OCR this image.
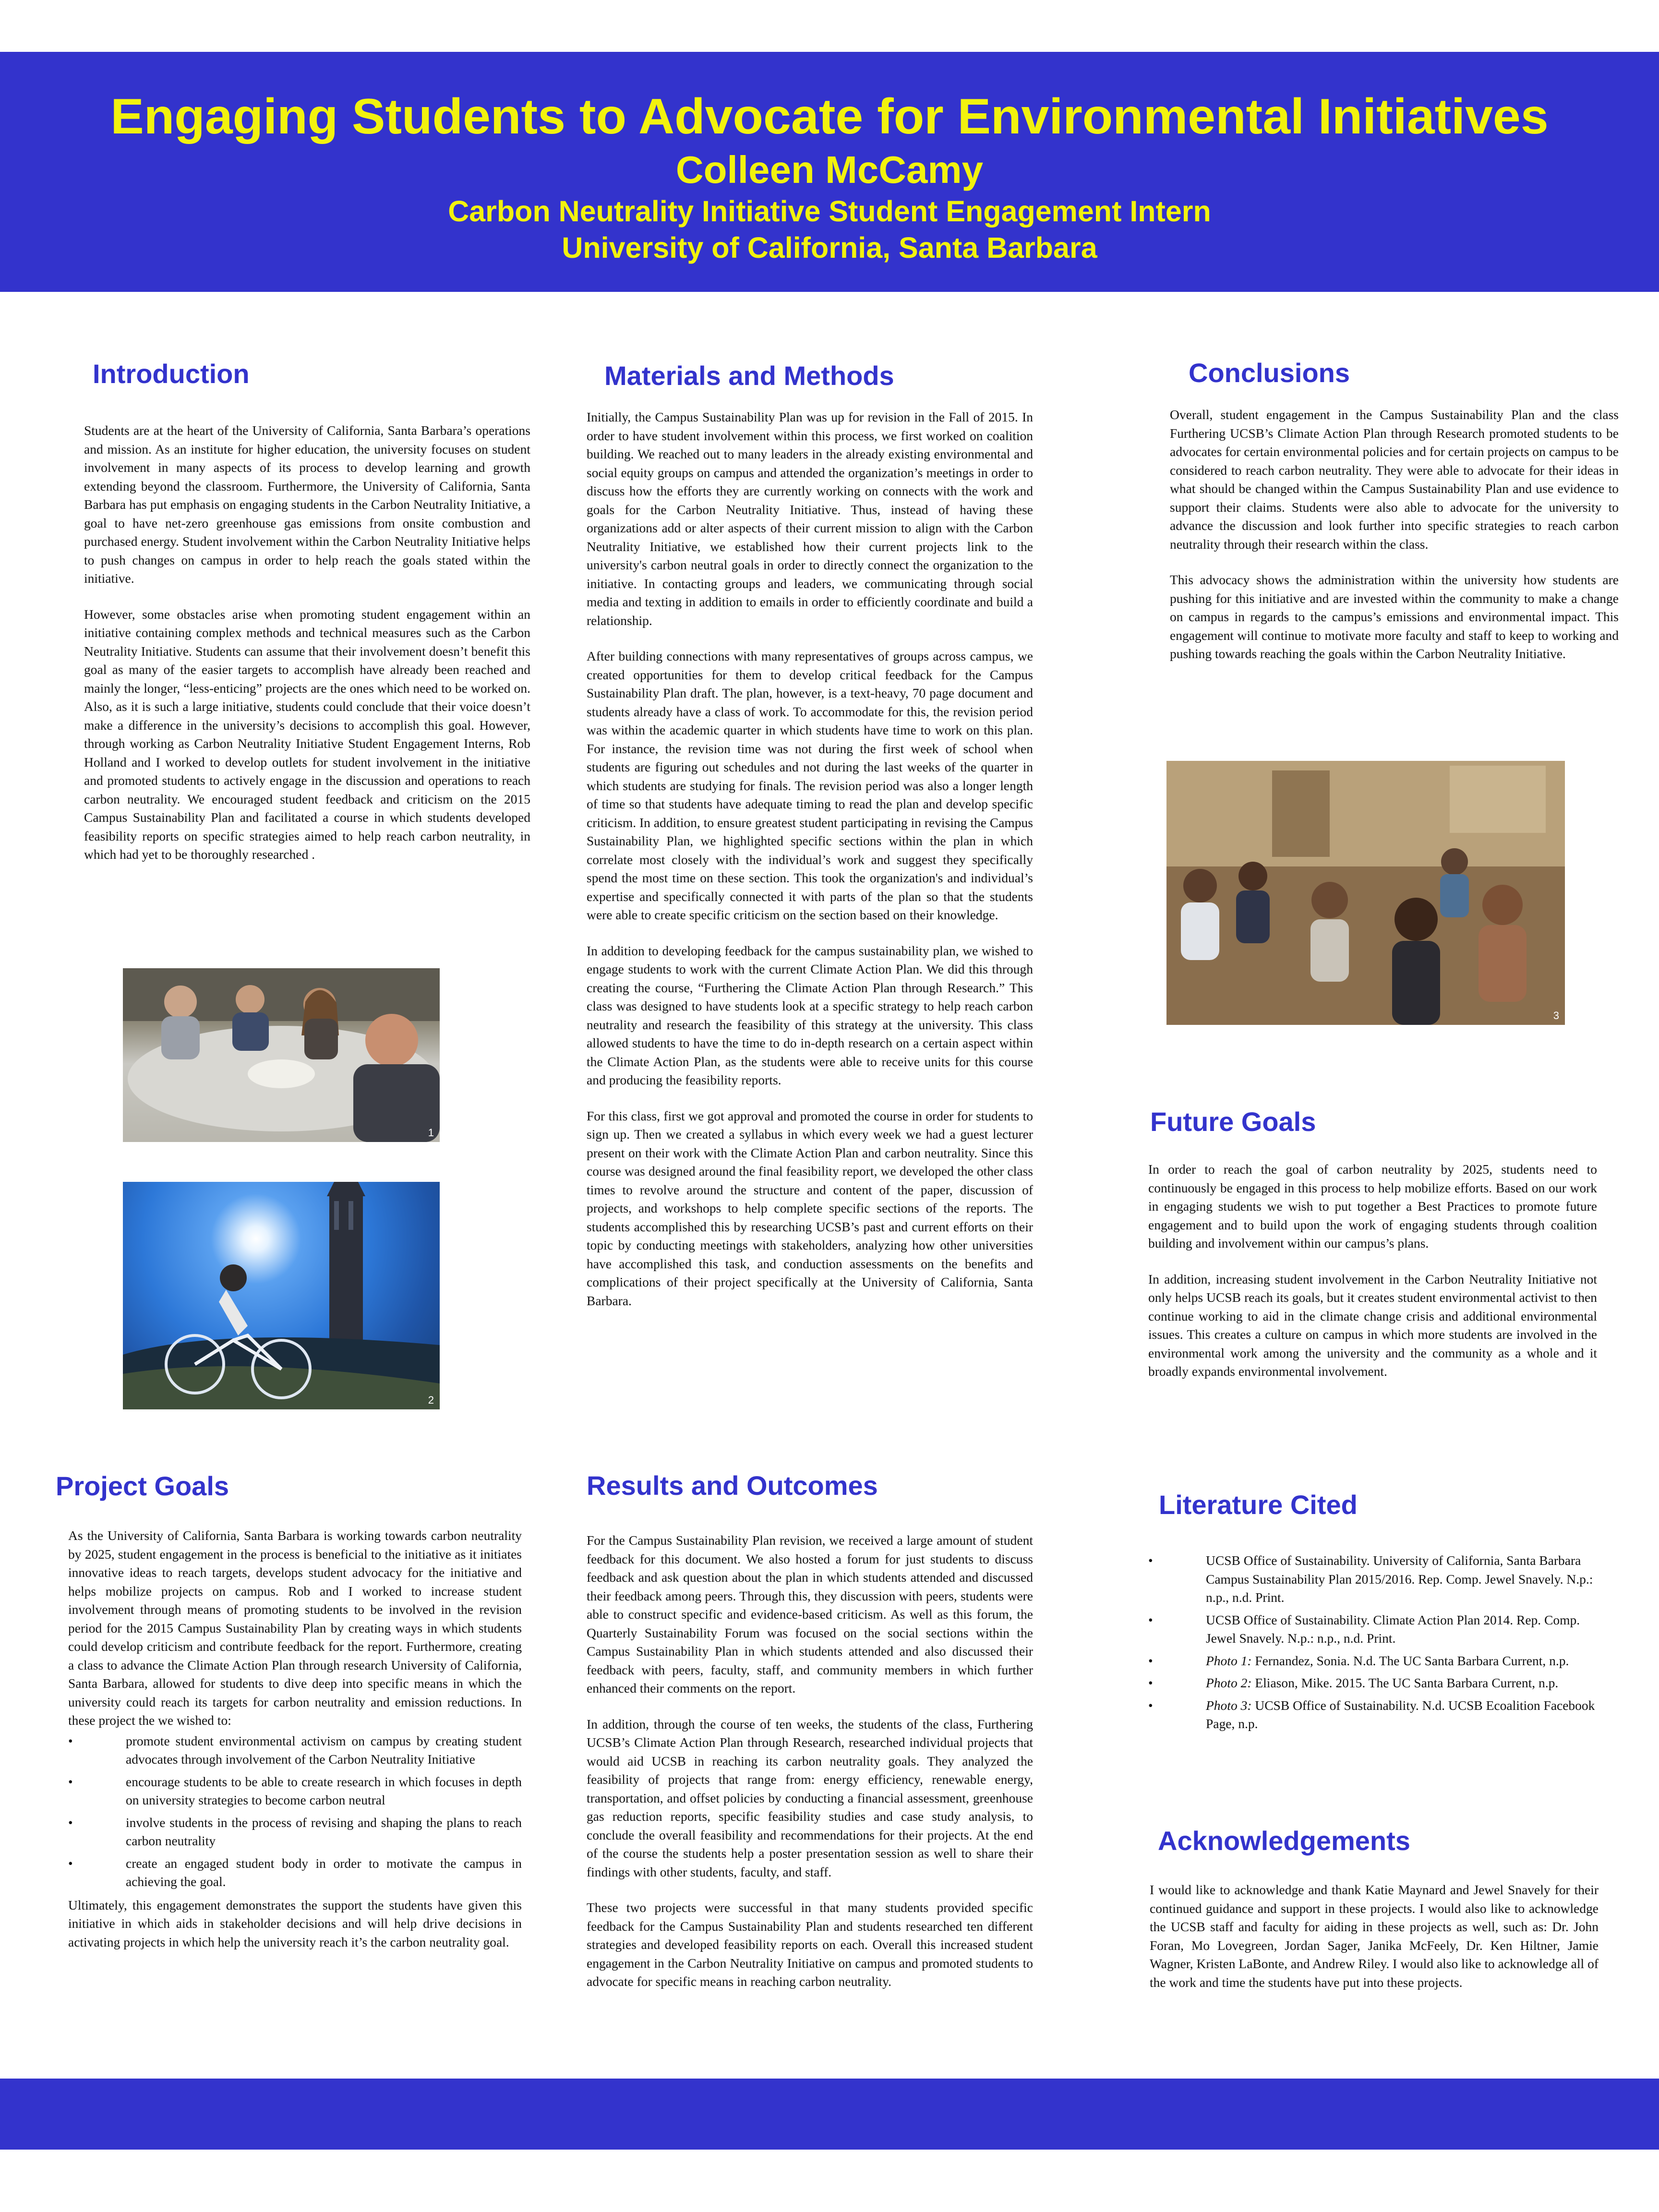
Engaging Students to Advocate for Environmental Initiatives
Colleen McCamy
Carbon Neutrality Initiative Student Engagement Intern
University of California, Santa Barbara
Introduction

Students are at the heart of the University of California, Santa Barbara’s operations and mission. As an institute for higher education, the university focuses on student involvement in many aspects of its process to develop learning and growth extending beyond the classroom. Furthermore, the University of California, Santa Barbara has put emphasis on engaging students in the Carbon Neutrality Initiative, a goal to have net-zero greenhouse gas emissions from onsite combustion and purchased energy. Student involvement within the Carbon Neutrality Initiative helps to push changes on campus in order to help reach the goals stated within the initiative.

However, some obstacles arise when promoting student engagement within an initiative containing complex methods and technical measures such as the Carbon Neutrality Initiative. Students can assume that their involvement doesn’t benefit this goal as many of the easier targets to accomplish have already been reached and mainly the longer, “less-enticing” projects are the ones which need to be worked on. Also, as it is such a large initiative, students could conclude that their voice doesn’t make a difference in the university’s decisions to accomplish this goal. However, through working as Carbon Neutrality Initiative Student Engagement Interns, Rob Holland and I worked to develop outlets for student involvement in the initiative and promoted students to actively engage in the discussion and operations to reach carbon neutrality. We encouraged student feedback and criticism on the 2015 Campus Sustainability Plan and facilitated a course in which students developed feasibility reports on specific strategies aimed to help reach carbon neutrality, in which had yet to be thoroughly researched .

1
2
Project Goals

As the University of California, Santa Barbara is working towards carbon neutrality by 2025, student engagement in the process is beneficial to the initiative as it initiates innovative ideas to reach targets, develops student advocacy for the initiative and helps mobilize projects on campus. Rob and I worked to increase student involvement through means of promoting students to be involved in the revision period for the 2015 Campus Sustainability Plan by creating ways in which students could develop criticism and contribute feedback for the report. Furthermore, creating a class to advance the Climate Action Plan through research University of California, Santa Barbara, allowed for students to dive deep into specific means in which the university could reach its targets for carbon neutrality and emission reductions. In these project the we wished to:

•	promote student environmental activism on campus by creating student advocates through involvement of the Carbon Neutrality Initiative
•	encourage students to be able to create research in which focuses in depth on university strategies to become carbon neutral
•	involve students in the process of revising and shaping the plans to reach carbon neutrality
•	create an engaged student body in order to motivate the campus in achieving the goal.

Ultimately, this engagement demonstrates the support the students have given this initiative in which aids in stakeholder decisions and will help drive decisions in activating projects in which help the university reach it’s the carbon neutrality goal.

Materials and Methods

Initially, the Campus Sustainability Plan was up for revision in the Fall of 2015. In order to have student involvement within this process, we first worked on coalition building. We reached out to many leaders in the already existing environmental and social equity groups on campus and attended the organization’s meetings in order to discuss how the efforts they are currently working on connects with the work and goals for the Carbon Neutrality Initiative. Thus, instead of having these organizations add or alter aspects of their current mission to align with the Carbon Neutrality Initiative, we established how their current projects link to the university's carbon neutral goals in order to directly connect the organization to the initiative. In contacting groups and leaders, we communicating through social media and texting in addition to emails in order to efficiently coordinate and build a relationship.

After building connections with many representatives of groups across campus, we created opportunities for them to develop critical feedback for the Campus Sustainability Plan draft. The plan, however, is a text-heavy, 70 page document and students already have a class of work. To accommodate for this, the revision period was within the academic quarter in which students have time to work on this plan. For instance, the revision time was not during the first week of school when students are figuring out schedules and not during the last weeks of the quarter in which students are studying for finals. The revision period was also a longer length of time so that students have adequate timing to read the plan and develop specific criticism. In addition, to ensure greatest student participating in revising the Campus Sustainability Plan, we highlighted specific sections within the plan in which correlate most closely with the individual’s work and suggest they specifically spend the most time on these section. This took the organization's and individual’s expertise and specifically connected it with parts of the plan so that the students were able to create specific criticism on the section based on their knowledge.

In addition to developing feedback for the campus sustainability plan, we wished to engage students to work with the current Climate Action Plan. We did this through creating the course, “Furthering the Climate Action Plan through Research.” This class was designed to have students look at a specific strategy to help reach carbon neutrality and research the feasibility of this strategy at the university. This class allowed students to have the time to do in-depth research on a certain aspect within the Climate Action Plan, as the students were able to receive units for this course and producing the feasibility reports.

For this class, first we got approval and promoted the course in order for students to sign up. Then we created a syllabus in which every week we had a guest lecturer present on their work with the Climate Action Plan and carbon neutrality. Since this course was designed around the final feasibility report, we developed the other class times to revolve around the structure and content of the paper, discussion of projects, and workshops to help complete specific sections of the reports. The students accomplished this by researching UCSB’s past and current efforts on their topic by conducting meetings with stakeholders, analyzing how other universities have accomplished this task, and conduction assessments on the benefits and complications of their project specifically at the University of California, Santa Barbara.

Results and Outcomes

For the Campus Sustainability Plan revision, we received a large amount of student feedback for this document. We also hosted a forum for just students to discuss feedback and ask question about the plan in which students attended and discussed their feedback among peers. Through this, they discussion with peers, students were able to construct specific and evidence-based criticism. As well as this forum, the Quarterly Sustainability Forum was focused on the social sections within the Campus Sustainability Plan in which students attended and also discussed their feedback with peers, faculty, staff, and community members in which further enhanced their comments on the report.

In addition, through the course of ten weeks, the students of the class, Furthering UCSB’s Climate Action Plan through Research, researched individual projects that would aid UCSB in reaching its carbon neutrality goals. They analyzed the feasibility of projects that range from: energy efficiency, renewable energy, transportation, and offset policies by conducting a financial assessment, greenhouse gas reduction reports, specific feasibility studies and case study analysis, to conclude the overall feasibility and recommendations for their projects. At the end of the course the students help a poster presentation session as well to share their findings with other students, faculty, and staff.

These two projects were successful in that many students provided specific feedback for the Campus Sustainability Plan and students researched ten different strategies and developed feasibility reports on each. Overall this increased student engagement in the Carbon Neutrality Initiative on campus and promoted students to advocate for specific means in reaching carbon neutrality.

Conclusions

Overall, student engagement in the Campus Sustainability Plan and the class Furthering UCSB’s Climate Action Plan through Research promoted students to be advocates for certain environmental policies and for certain projects on campus to be considered to reach carbon neutrality. They were able to advocate for their ideas in what should be changed within the Campus Sustainability Plan and use evidence to support their claims. Students were also able to advocate for the university to advance the discussion and look further into specific strategies to reach carbon neutrality through their research within the class.

This advocacy shows the administration within the university how students are pushing for this initiative and are invested within the community to make a change on campus in regards to the campus’s emissions and environmental impact. This engagement will continue to motivate more faculty and staff to keep to working and pushing towards reaching the goals within the Carbon Neutrality Initiative.

3
Future Goals

In order to reach the goal of carbon neutrality by 2025, students need to continuously be engaged in this process to help mobilize efforts. Based on our work in engaging students we wish to put together a Best Practices to promote future engagement and to build upon the work of engaging students through coalition building and involvement within our campus’s plans.

In addition, increasing student involvement in the Carbon Neutrality Initiative not only helps UCSB reach its goals, but it creates student environmental activist to then continue working to aid in the climate change crisis and additional environmental issues. This creates a culture on campus in which more students are involved in the environmental work among the university and the community as a whole and it broadly expands environmental involvement.

Literature Cited
•	UCSB Office of Sustainability. University of California, Santa Barbara Campus Sustainability Plan 2015/2016. Rep. Comp. Jewel Snavely. N.p.: n.p., n.d. Print.
•	UCSB Office of Sustainability. Climate Action Plan 2014. Rep. Comp. Jewel Snavely. N.p.: n.p., n.d. Print.
•	Photo 1: Fernandez, Sonia. N.d. The UC Santa Barbara Current, n.p.
•	Photo 2: Eliason, Mike. 2015. The UC Santa Barbara Current, n.p.
•	Photo 3: UCSB Office of Sustainability. N.d. UCSB Ecoalition Facebook Page, n.p.
Acknowledgements

I would like to acknowledge and thank Katie Maynard and Jewel Snavely for their continued guidance and support in these projects. I would also like to acknowledge the UCSB staff and faculty for aiding in these projects as well, such as: Dr. John Foran, Mo Lovegreen, Jordan Sager, Janika McFeely, Dr. Ken Hiltner, Jamie Wagner, Kristen LaBonte, and Andrew Riley. I would also like to acknowledge all of the work and time the students have put into these projects.
